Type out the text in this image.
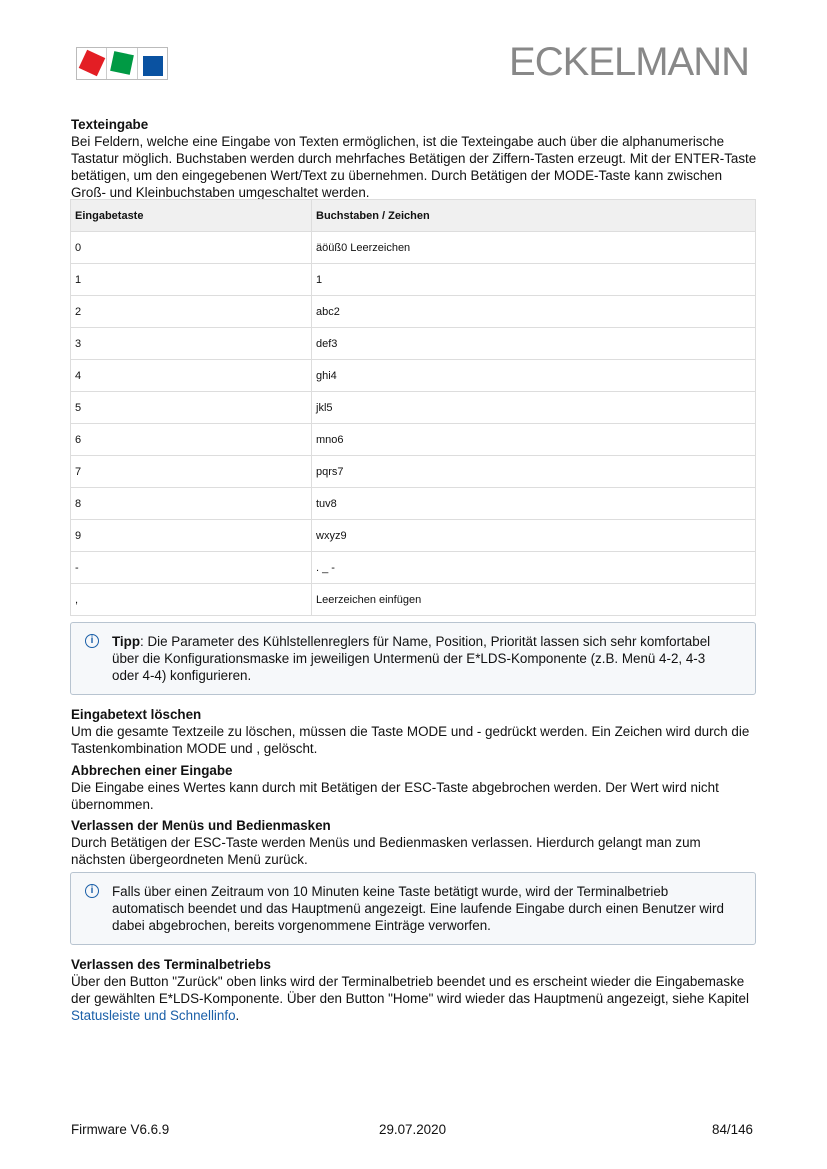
ECKELMANN
Texteingabe

Bei Feldern, welche eine Eingabe von Texten ermöglichen, ist die Texteingabe auch über die alphanumerische Tastatur möglich. Buchstaben werden durch mehrfaches Betätigen der Ziffern-Tasten erzeugt. Mit der ENTER-Taste betätigen, um den eingegebenen Wert/Text zu übernehmen. Durch Betätigen der MODE-Taste kann zwischen Groß- und Kleinbuchstaben umgeschaltet werden.

Eingabetaste	Buchstaben / Zeichen
0	äöüß0 Leerzeichen
1	1
2	abc2
3	def3
4	ghi4
5	jkl5
6	mno6
7	pqrs7
8	tuv8
9	wxyz9
-	. _ -
,	Leerzeichen einfügen
i	Tipp: Die Parameter des Kühlstellenreglers für Name, Position, Priorität lassen sich sehr komfortabel über die Konfigurationsmaske im jeweiligen Untermenü der E*LDS-Komponente (z.B. Menü 4-2, 4-3 oder 4-4) konfigurieren.
Eingabetext löschen

Um die gesamte Textzeile zu löschen, müssen die Taste MODE und - gedrückt werden. Ein Zeichen wird durch die Tastenkombination MODE und , gelöscht.

Abbrechen einer Eingabe

Die Eingabe eines Wertes kann durch mit Betätigen der ESC-Taste abgebrochen werden. Der Wert wird nicht übernommen.

Verlassen der Menüs und Bedienmasken

Durch Betätigen der ESC-Taste werden Menüs und Bedienmasken verlassen. Hierdurch gelangt man zum nächsten übergeordneten Menü zurück.

i	Falls über einen Zeitraum von 10 Minuten keine Taste betätigt wurde, wird der Terminalbetrieb automatisch beendet und das Hauptmenü angezeigt. Eine laufende Eingabe durch einen Benutzer wird dabei abgebrochen, bereits vorgenommene Einträge verworfen.
Verlassen des Terminalbetriebs

Über den Button "Zurück" oben links wird der Terminalbetrieb beendet und es erscheint wieder die Eingabemaske der gewählten E*LDS-Komponente. Über den Button "Home" wird wieder das Hauptmenü angezeigt, siehe Kapitel Statusleiste und Schnellinfo.

Firmware V6.6.9	29.07.2020	84/146
